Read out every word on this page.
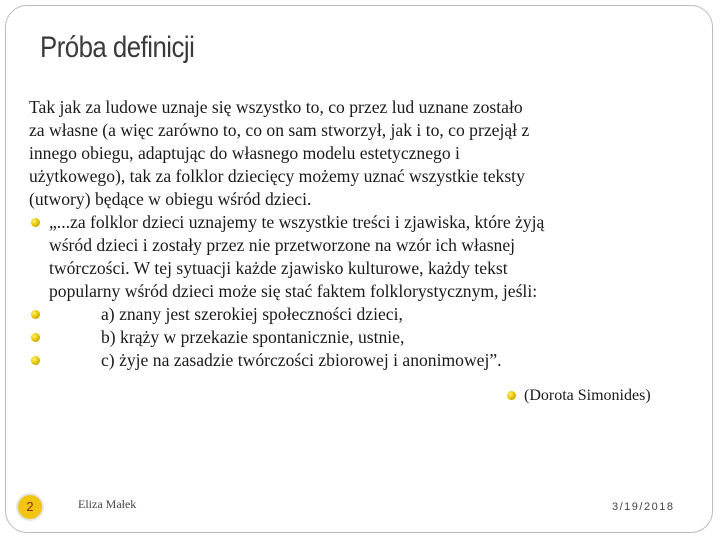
Próba definicji
Tak jak za ludowe uznaje się wszystko to, co przez lud uznane zostało
za własne (a więc zarówno to, co on sam stworzył, jak i to, co przejął z
innego obiegu, adaptując do własnego modelu estetycznego i
użytkowego), tak za folklor dziecięcy możemy uznać wszystkie teksty
(utwory) będące w obiegu wśród dzieci.
„...za folklor dzieci uznajemy te wszystkie treści i zjawiska, które żyją
wśród dzieci i zostały przez nie przetworzone na wzór ich własnej
twórczości. W tej sytuacji każde zjawisko kulturowe, każdy tekst
popularny wśród dzieci może się stać faktem folklorystycznym, jeśli:
a) znany jest szerokiej społeczności dzieci,
b) krąży w przekazie spontanicznie, ustnie,
c) żyje na zasadzie twórczości zbiorowej i anonimowej”.
(Dorota Simonides)
2	Eliza Małek	3/19/2018
